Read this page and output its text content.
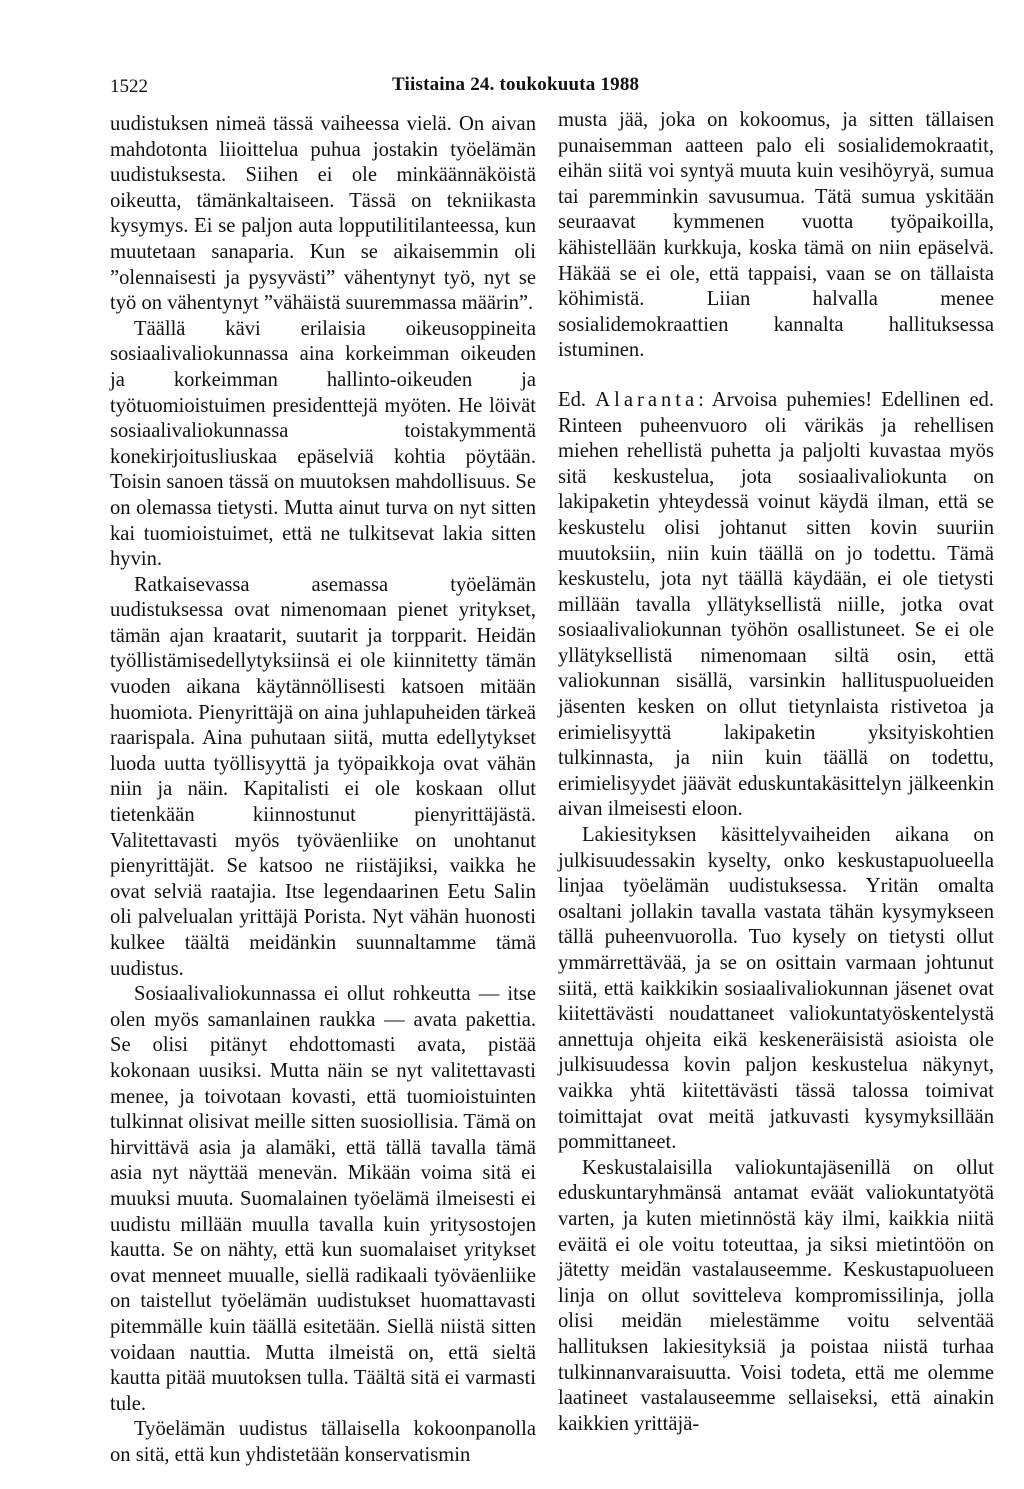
1522	Tiistaina 24. toukokuuta 1988

uudistuksen nimeä tässä vaiheessa vielä. On aivan mahdotonta liioittelua puhua jostakin työelämän uudistuksesta. Siihen ei ole minkäännäköistä oikeutta, tämänkaltaiseen. Tässä on tekniikasta kysymys. Ei se paljon auta lopputilitilanteessa, kun muutetaan sanaparia. Kun se aikaisemmin oli ”olennaisesti ja pysyvästi” vähentynyt työ, nyt se työ on vähentynyt ”vähäistä suuremmassa määrin”.

Täällä kävi erilaisia oikeusoppineita sosiaalivaliokunnassa aina korkeimman oikeuden ja korkeimman hallinto-oikeuden ja työtuomioistuimen presidenttejä myöten. He löivät sosiaalivaliokunnassa toistakymmentä konekirjoitusliuskaa epäselviä kohtia pöytään. Toisin sanoen tässä on muutoksen mahdollisuus. Se on olemassa tietysti. Mutta ainut turva on nyt sitten kai tuomioistuimet, että ne tulkitsevat lakia sitten hyvin.

Ratkaisevassa asemassa työelämän uudistuksessa ovat nimenomaan pienet yritykset, tämän ajan kraatarit, suutarit ja torpparit. Heidän työllistämisedellytyksiinsä ei ole kiinnitetty tämän vuoden aikana käytännöllisesti katsoen mitään huomiota. Pienyrittäjä on aina juhlapuheiden tärkeä raarispala. Aina puhutaan siitä, mutta edellytykset luoda uutta työllisyyttä ja työpaikkoja ovat vähän niin ja näin. Kapitalisti ei ole koskaan ollut tietenkään kiinnostunut pienyrittäjästä. Valitettavasti myös työväenliike on unohtanut pienyrittäjät. Se katsoo ne riistäjiksi, vaikka he ovat selviä raatajia. Itse legendaarinen Eetu Salin oli palvelualan yrittäjä Porista. Nyt vähän huonosti kulkee täältä meidänkin suunnaltamme tämä uudistus.

Sosiaalivaliokunnassa ei ollut rohkeutta — itse olen myös samanlainen raukka — avata pakettia. Se olisi pitänyt ehdottomasti avata, pistää kokonaan uusiksi. Mutta näin se nyt valitettavasti menee, ja toivotaan kovasti, että tuomioistuinten tulkinnat olisivat meille sitten suosiollisia. Tämä on hirvittävä asia ja alamäki, että tällä tavalla tämä asia nyt näyttää menevän. Mikään voima sitä ei muuksi muuta. Suomalainen työelämä ilmeisesti ei uudistu millään muulla tavalla kuin yritysostojen kautta. Se on nähty, että kun suomalaiset yritykset ovat menneet muualle, siellä radikaali työväenliike on taistellut työelämän uudistukset huomattavasti pitemmälle kuin täällä esitetään. Siellä niistä sitten voidaan nauttia. Mutta ilmeistä on, että sieltä kautta pitää muutoksen tulla. Täältä sitä ei varmasti tule.

Työelämän uudistus tällaisella kokoonpanolla on sitä, että kun yhdistetään konservatismin

musta jää, joka on kokoomus, ja sitten tällaisen punaisemman aatteen palo eli sosialidemokraatit, eihän siitä voi syntyä muuta kuin vesihöyryä, sumua tai paremminkin savusumua. Tätä sumua yskitään seuraavat kymmenen vuotta työpaikoilla, kähistellään kurkkuja, koska tämä on niin epäselvä. Häkää se ei ole, että tappaisi, vaan se on tällaista köhimistä. Liian halvalla menee sosialidemokraattien kannalta hallituksessa istuminen.

Ed. Alaranta: Arvoisa puhemies! Edellinen ed. Rinteen puheenvuoro oli värikäs ja rehellisen miehen rehellistä puhetta ja paljolti kuvastaa myös sitä keskustelua, jota sosiaalivaliokunta on lakipaketin yhteydessä voinut käydä ilman, että se keskustelu olisi johtanut sitten kovin suuriin muutoksiin, niin kuin täällä on jo todettu. Tämä keskustelu, jota nyt täällä käydään, ei ole tietysti millään tavalla yllätyksellistä niille, jotka ovat sosiaalivaliokunnan työhön osallistuneet. Se ei ole yllätyksellistä nimenomaan siltä osin, että valiokunnan sisällä, varsinkin hallituspuolueiden jäsenten kesken on ollut tietynlaista ristivetoa ja erimielisyyttä lakipaketin yksityiskohtien tulkinnasta, ja niin kuin täällä on todettu, erimielisyydet jäävät eduskuntakäsittelyn jälkeenkin aivan ilmeisesti eloon.

Lakiesityksen käsittelyvaiheiden aikana on julkisuudessakin kyselty, onko keskustapuolueella linjaa työelämän uudistuksessa. Yritän omalta osaltani jollakin tavalla vastata tähän kysymykseen tällä puheenvuorolla. Tuo kysely on tietysti ollut ymmärrettävää, ja se on osittain varmaan johtunut siitä, että kaikkikin sosiaalivaliokunnan jäsenet ovat kiitettävästi noudattaneet valiokuntatyöskentelystä annettuja ohjeita eikä keskeneräisistä asioista ole julkisuudessa kovin paljon keskustelua näkynyt, vaikka yhtä kiitettävästi tässä talossa toimivat toimittajat ovat meitä jatkuvasti kysymyksillään pommittaneet.

Keskustalaisilla valiokuntajäsenillä on ollut eduskuntaryhmänsä antamat eväät valiokuntatyötä varten, ja kuten mietinnöstä käy ilmi, kaikkia niitä eväitä ei ole voitu toteuttaa, ja siksi mietintöön on jätetty meidän vastalauseemme. Keskustapuolueen linja on ollut sovitteleva kompromissilinja, jolla olisi meidän mielestämme voitu selventää hallituksen lakiesityksiä ja poistaa niistä turhaa tulkinnanvaraisuutta. Voisi todeta, että me olemme laatineet vastalauseemme sellaiseksi, että ainakin kaikkien yrittäjä-
